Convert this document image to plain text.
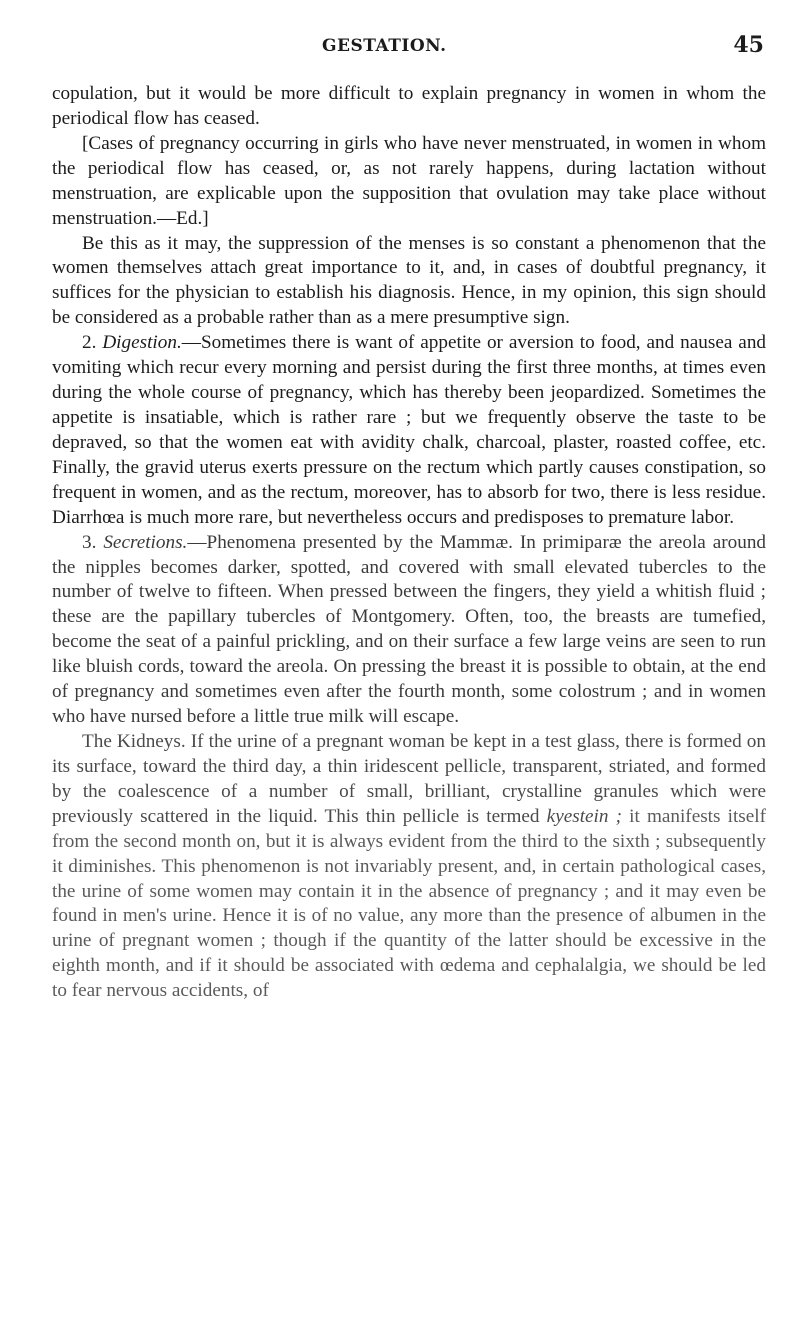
GESTATION.	45

copulation, but it would be more difficult to explain pregnancy in women in whom the periodical flow has ceased.

[Cases of pregnancy occurring in girls who have never menstruated, in women in whom the periodical flow has ceased, or, as not rarely happens, during lactation without menstruation, are explicable upon the supposition that ovulation may take place without menstruation.—Ed.]

Be this as it may, the suppression of the menses is so constant a phenomenon that the women themselves attach great importance to it, and, in cases of doubtful pregnancy, it suffices for the physician to establish his diagnosis. Hence, in my opinion, this sign should be considered as a probable rather than as a mere presumptive sign.

2. Digestion.—Sometimes there is want of appetite or aversion to food, and nausea and vomiting which recur every morning and persist during the first three months, at times even during the whole course of pregnancy, which has thereby been jeopardized. Sometimes the appetite is insatiable, which is rather rare ; but we frequently observe the taste to be depraved, so that the women eat with avidity chalk, charcoal, plaster, roasted coffee, etc. Finally, the gravid uterus exerts pressure on the rectum which partly causes constipation, so frequent in women, and as the rectum, moreover, has to absorb for two, there is less residue. Diarrhœa is much more rare, but nevertheless occurs and predisposes to premature labor.

3. Secretions.—Phenomena presented by the Mammæ. In primiparæ the areola around the nipples becomes darker, spotted, and covered with small elevated tubercles to the number of twelve to fifteen. When pressed between the fingers, they yield a whitish fluid ; these are the papillary tubercles of Montgomery. Often, too, the breasts are tumefied, become the seat of a painful prickling, and on their surface a few large veins are seen to run like bluish cords, toward the areola. On pressing the breast it is possible to obtain, at the end of pregnancy and sometimes even after the fourth month, some colostrum ; and in women who have nursed before a little true milk will escape.

The Kidneys. If the urine of a pregnant woman be kept in a test glass, there is formed on its surface, toward the third day, a thin iridescent pellicle, transparent, striated, and formed by the coalescence of a number of small, brilliant, crystalline granules which were previously scattered in the liquid. This thin pellicle is termed kyestein ; it manifests itself from the second month on, but it is always evident from the third to the sixth ; subsequently it diminishes. This phenomenon is not invariably present, and, in certain pathological cases, the urine of some women may contain it in the absence of pregnancy ; and it may even be found in men's urine. Hence it is of no value, any more than the presence of albumen in the urine of pregnant women ; though if the quantity of the latter should be excessive in the eighth month, and if it should be associated with œdema and cephalalgia, we should be led to fear nervous accidents, of
